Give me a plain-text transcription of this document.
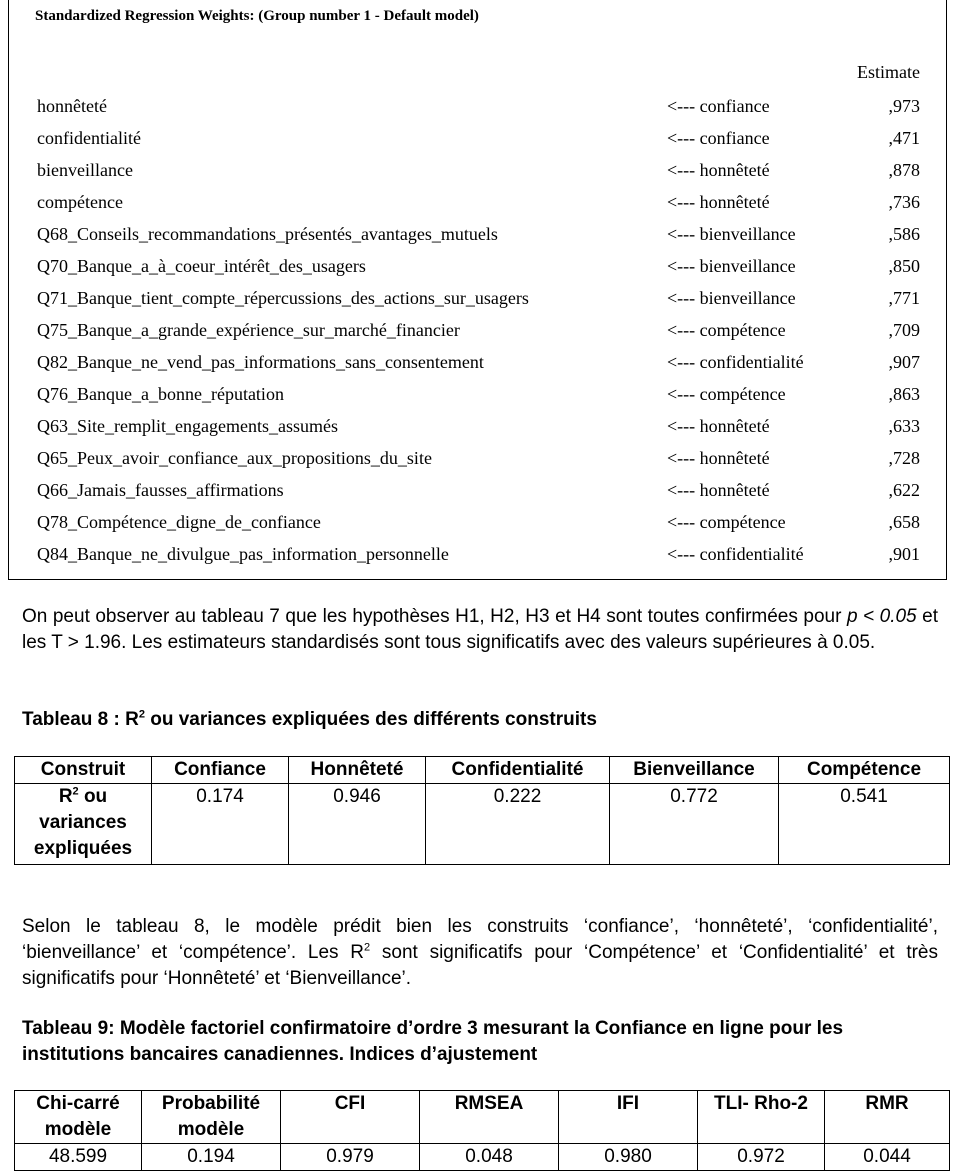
Standardized Regression Weights: (Group number 1 - Default model)
Estimate
honnêteté	<--- confiance	,973
confidentialité	<--- confiance	,471
bienveillance	<--- honnêteté	,878
compétence	<--- honnêteté	,736
Q68_Conseils_recommandations_présentés_avantages_mutuels	<--- bienveillance	,586
Q70_Banque_a_à_coeur_intérêt_des_usagers	<--- bienveillance	,850
Q71_Banque_tient_compte_répercussions_des_actions_sur_usagers	<--- bienveillance	,771
Q75_Banque_a_grande_expérience_sur_marché_financier	<--- compétence	,709
Q82_Banque_ne_vend_pas_informations_sans_consentement	<--- confidentialité	,907
Q76_Banque_a_bonne_réputation	<--- compétence	,863
Q63_Site_remplit_engagements_assumés	<--- honnêteté	,633
Q65_Peux_avoir_confiance_aux_propositions_du_site	<--- honnêteté	,728
Q66_Jamais_fausses_affirmations	<--- honnêteté	,622
Q78_Compétence_digne_de_confiance	<--- compétence	,658
Q84_Banque_ne_divulgue_pas_information_personnelle	<--- confidentialité	,901
On peut observer au tableau 7 que les hypothèses H1, H2, H3 et H4 sont toutes confirmées pour p < 0.05 et les T > 1.96. Les estimateurs standardisés sont tous significatifs avec des valeurs supérieures à 0.05.
Tableau 8 : $R^2$ ou variances expliquées des différents construits
Construit	Confiance	Honnêteté	Confidentialité	Bienveillance	Compétence
$R^2$ ou variances expliquées	0.174	0.946	0.222	0.772	0.541
Selon le tableau 8, le modèle prédit bien les construits ‘confiance’, ‘honnêteté’, ‘confidentialité’, ‘bienveillance’ et ‘compétence’. Les $R^2$ sont significatifs pour ‘Compétence’ et ‘Confidentialité’ et très significatifs pour ‘Honnêteté’ et ‘Bienveillance’.
Tableau 9: Modèle factoriel confirmatoire d’ordre 3 mesurant la Confiance en ligne pour les institutions bancaires canadiennes. Indices d’ajustement
Chi-carré modèle	Probabilité modèle	CFI	RMSEA	IFI	TLI- Rho-2	RMR
48.599	0.194	0.979	0.048	0.980	0.972	0.044
